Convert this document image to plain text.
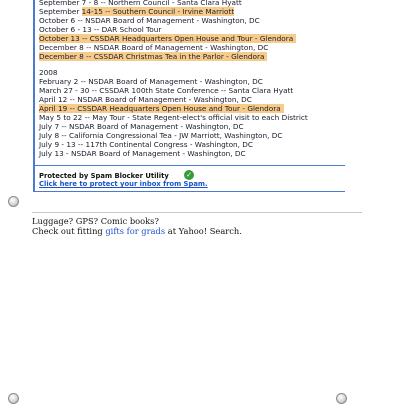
September 7 - 8 -- Northern Council - Santa Clara Hyatt
September 14-15 -- Southern Council - Irvine Marriott
October 6 -- NSDAR Board of Management - Washington, DC
October 6 - 13 -- DAR School Tour
October 13 -- CSSDAR Headquarters Open House and Tour - Glendora
December 8 -- NSDAR Board of Management - Washington, DC
December 8 -- CSSDAR Christmas Tea in the Parlor - Glendora
2008
February 2 -- NSDAR Board of Management - Washington, DC
March 27 - 30 -- CSSDAR 100th State Conference -- Santa Clara Hyatt
April 12 -- NSDAR Board of Management - Washington, DC
April 19 -- CSSDAR Headquarters Open House and Tour - Glendora
May 5 to 22 -- May Tour - State Regent-elect's official visit to each District
July 7 -- NSDAR Board of Management - Washington, DC
July 8 -- California Congressional Tea - JW Marriott, Washington, DC
July 9 - 13 -- 117th Continental Congress - Washington, DC
July 13 - NSDAR Board of Management - Washington, DC
Protected by Spam Blocker Utility ✓
Click here to protect your inbox from Spam.
Luggage? GPS? Comic books?
Check out fitting gifts for grads at Yahoo! Search.
